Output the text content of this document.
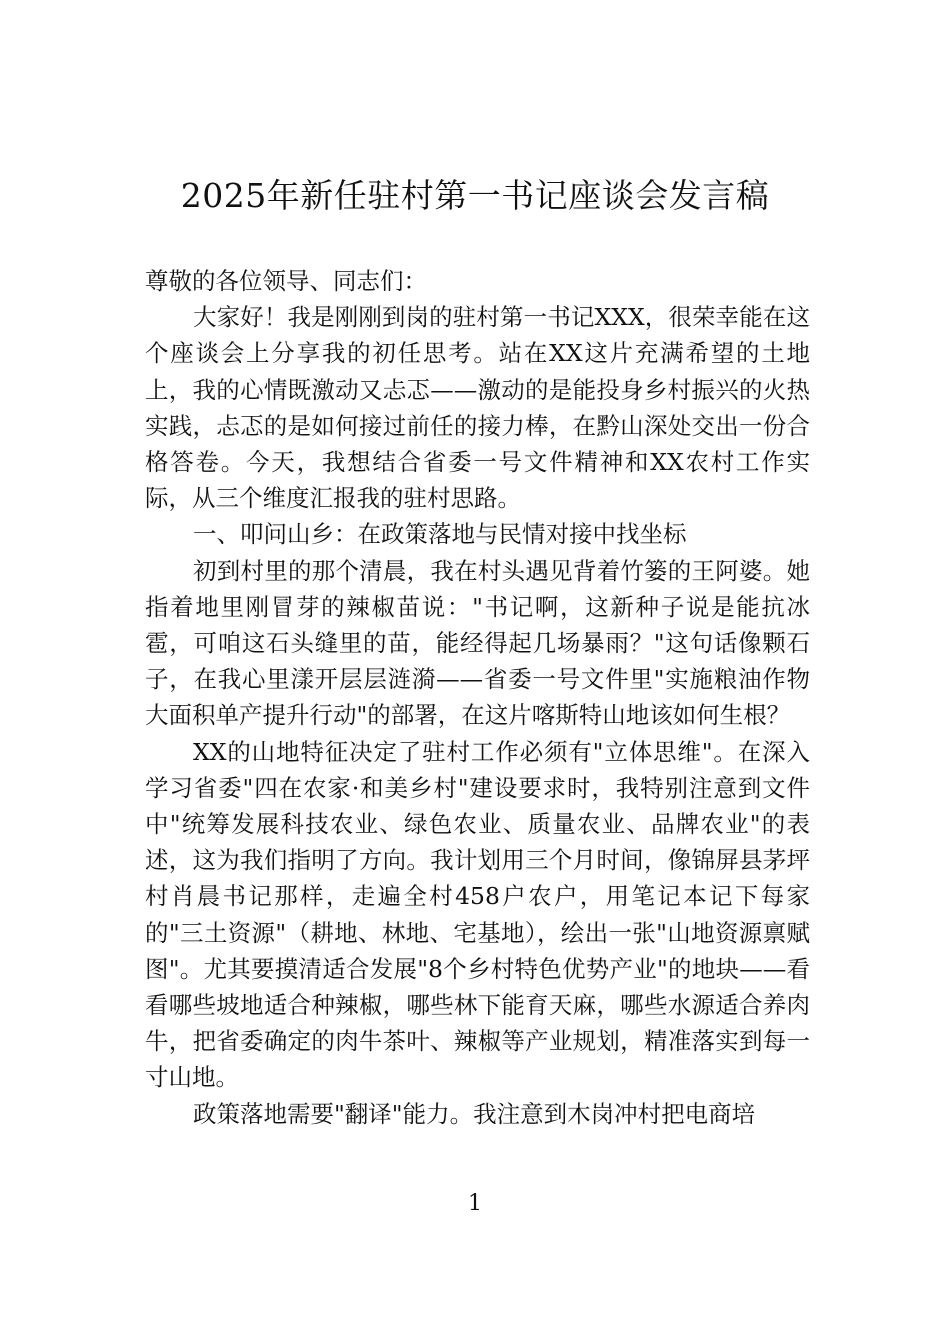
2025年新任驻村第一书记座谈会发言稿

尊敬的各位领导、同志们：

大家好！我是刚刚到岗的驻村第一书记XXX，很荣幸能在这个座谈会上分享我的初任思考。站在XX这片充满希望的土地上，我的心情既激动又忐忑——激动的是能投身乡村振兴的火热实践，忐忑的是如何接过前任的接力棒，在黔山深处交出一份合格答卷。今天，我想结合省委一号文件精神和XX农村工作实际，从三个维度汇报我的驻村思路。

一、叩问山乡：在政策落地与民情对接中找坐标

初到村里的那个清晨，我在村头遇见背着竹篓的王阿婆。她指着地里刚冒芽的辣椒苗说："书记啊，这新种子说是能抗冰雹，可咱这石头缝里的苗，能经得起几场暴雨？"这句话像颗石子，在我心里漾开层层涟漪——省委一号文件里"实施粮油作物大面积单产提升行动"的部署，在这片喀斯特山地该如何生根？

XX的山地特征决定了驻村工作必须有"立体思维"。在深入学习省委"四在农家·和美乡村"建设要求时，我特别注意到文件中"统筹发展科技农业、绿色农业、质量农业、品牌农业"的表述，这为我们指明了方向。我计划用三个月时间，像锦屏县茅坪村肖晨书记那样，走遍全村458户农户，用笔记本记下每家的"三土资源"（耕地、林地、宅基地），绘出一张"山地资源禀赋图"。尤其要摸清适合发展"8个乡村特色优势产业"的地块——看看哪些坡地适合种辣椒，哪些林下能育天麻，哪些水源适合养肉牛，把省委确定的肉牛茶叶、辣椒等产业规划，精准落实到每一寸山地。

政策落地需要"翻译"能力。我注意到木岗冲村把电商培

1
